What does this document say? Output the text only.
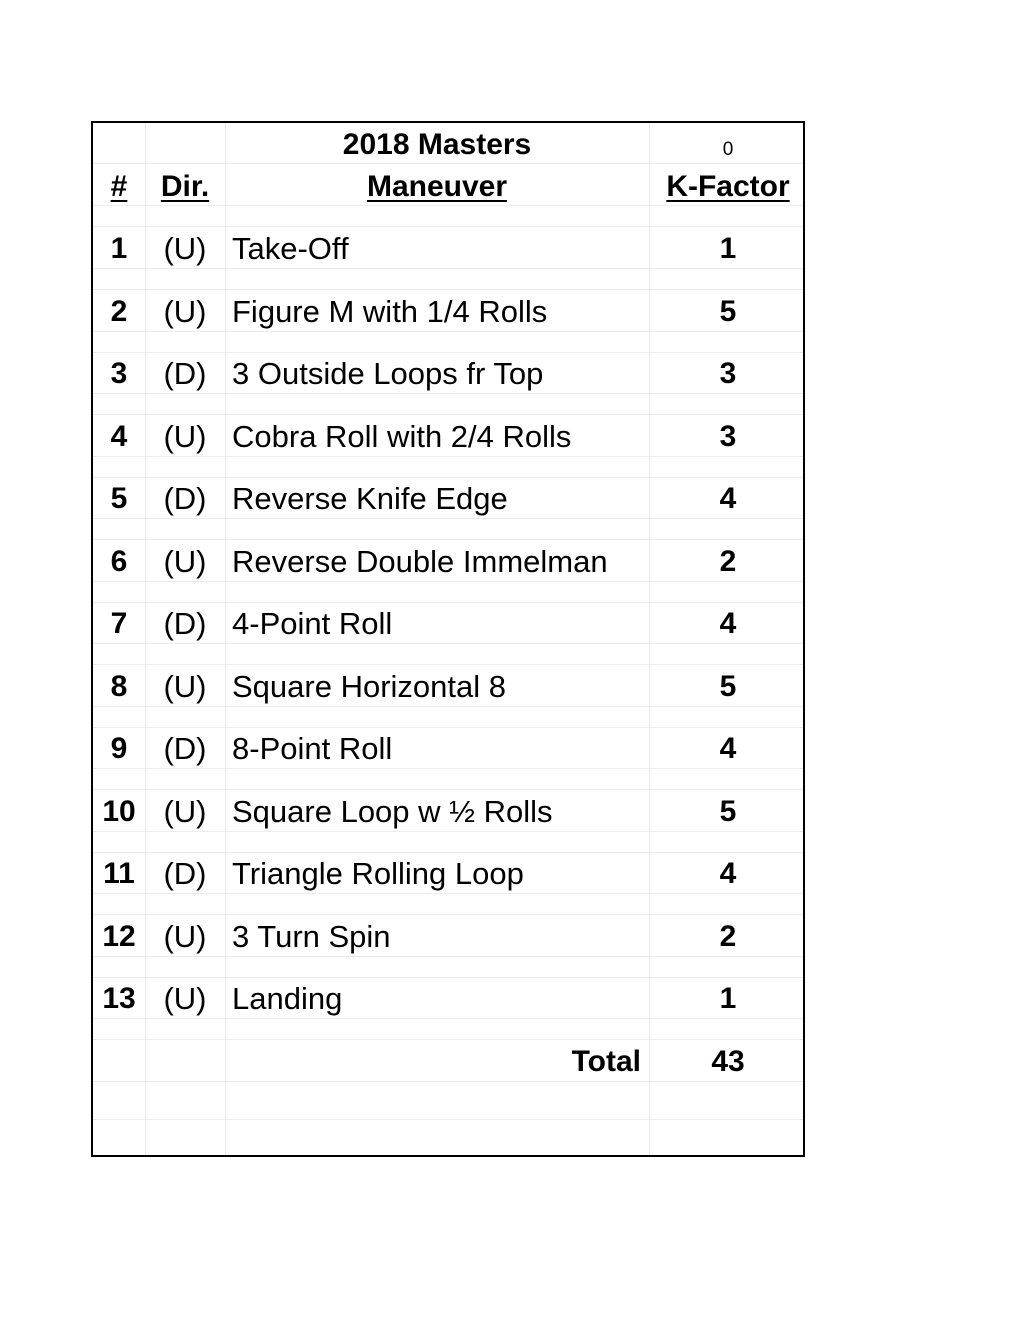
2018 Masters	0
#	Dir.	Maneuver	K-Factor
1	(U) Take-Off	1
2	(U) Figure M with 1/4 Rolls	5
3	(D) 3 Outside Loops fr Top	3
4	(U) Cobra Roll with 2/4 Rolls	3
5	(D) Reverse Knife Edge	4
6	(U) Reverse Double Immelman	2
7	(D) 4-Point Roll	4
8	(U) Square Horizontal 8	5
9	(D) 8-Point Roll	4
10 (U) Square Loop w ½ Rolls	5
11 (D) Triangle Rolling Loop	4
12 (U) 3 Turn Spin	2
13 (U) Landing	1
Total	43
